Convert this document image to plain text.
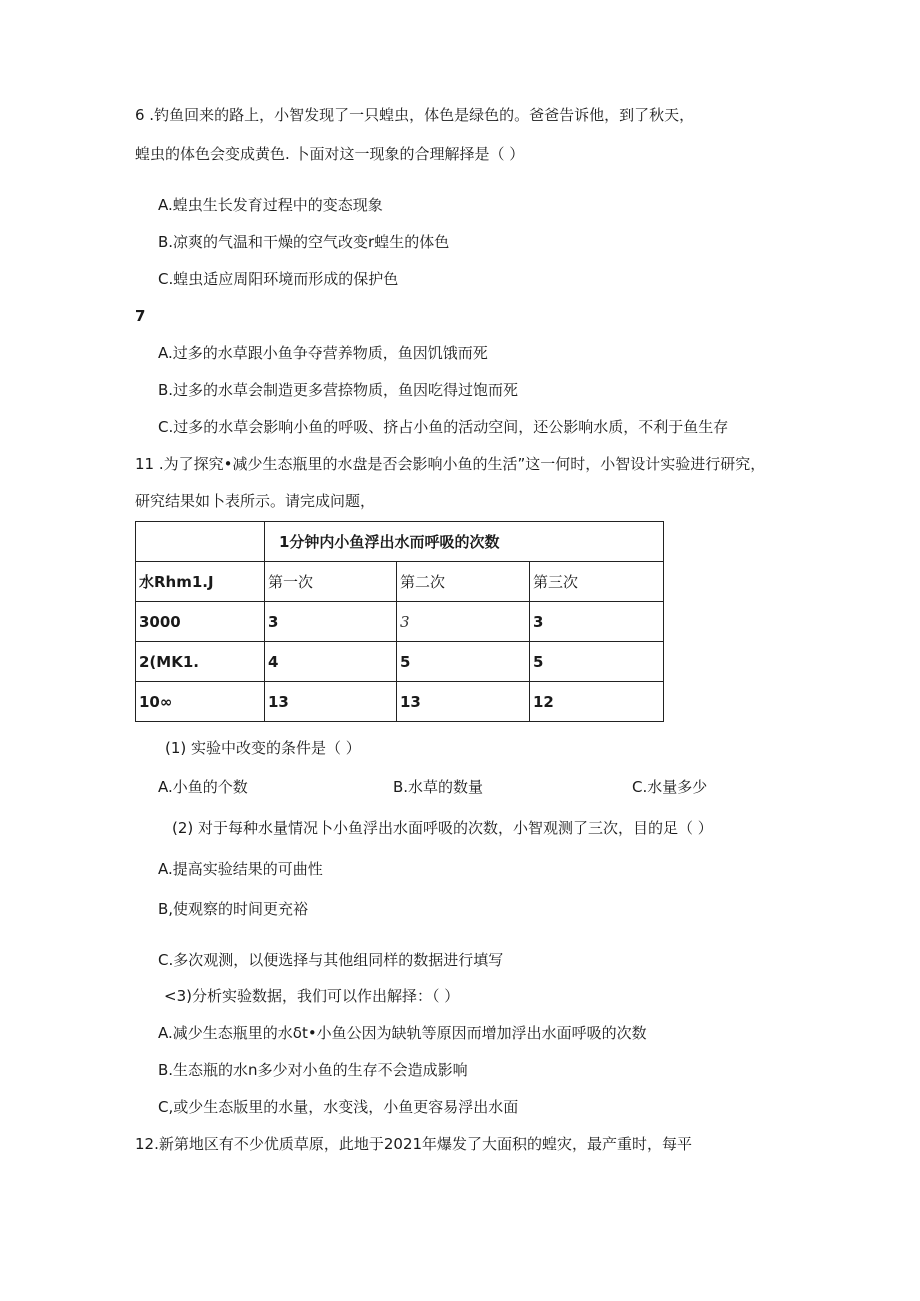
6 .钓鱼回来的路上，小智发现了一只蝗虫，体色是绿色的。爸爸告诉他，到了秋天，
蝗虫的体色会变成黄色. 卜面对这一现象的合理解择是（ ）
A.蝗虫生长发育过程中的变态现象
B.凉爽的气温和干燥的空气改变r蝗生的体色
C.蝗虫适应周阳环境而形成的保护色
7
A.过多的水草跟小鱼争夺营养物质，鱼因饥饿而死
B.过多的水草会制造更多营捺物质，鱼因吃得过饱而死
C.过多的水草会影响小鱼的呼吸、挤占小鱼的活动空间，还公影响水质，不利于鱼生存
11 .为了探究•减少生态瓶里的水盘是否会影响小鱼的生活”这一何时，小智设计实验进行研究，
研究结果如卜表所示。请完成问题，
	1分钟内小鱼浮出水而呼吸的次数		
水Rhm1.J	第一次	第二次	第三次
3000	3	3	3
2(MK1.	4	5	5
10∞	13	13	12
(1) 实验中改变的条件是（ ）
A.小鱼的个数	B.水草的数量	C.水量多少
(2) 对于每种水量情况卜小鱼浮出水面呼吸的次数，小智观测了三次，目的足（ ）
A.提高实验结果的可曲性
B,使观察的时间更充裕
C.多次观测，以便选择与其他组同样的数据进行填写
<3)分析实验数据，我们可以作出解择：（ ）
A.减少生态瓶里的水δt•小鱼公因为缺轨等原因而增加浮出水面呼吸的次数
B.生态瓶的水n多少对小鱼的生存不会造成影响
C,或少生态版里的水量，水变浅，小鱼更容易浮出水面
12.新第地区有不少优质草原，此地于2021年爆发了大面积的蝗灾，最产重时，每平
